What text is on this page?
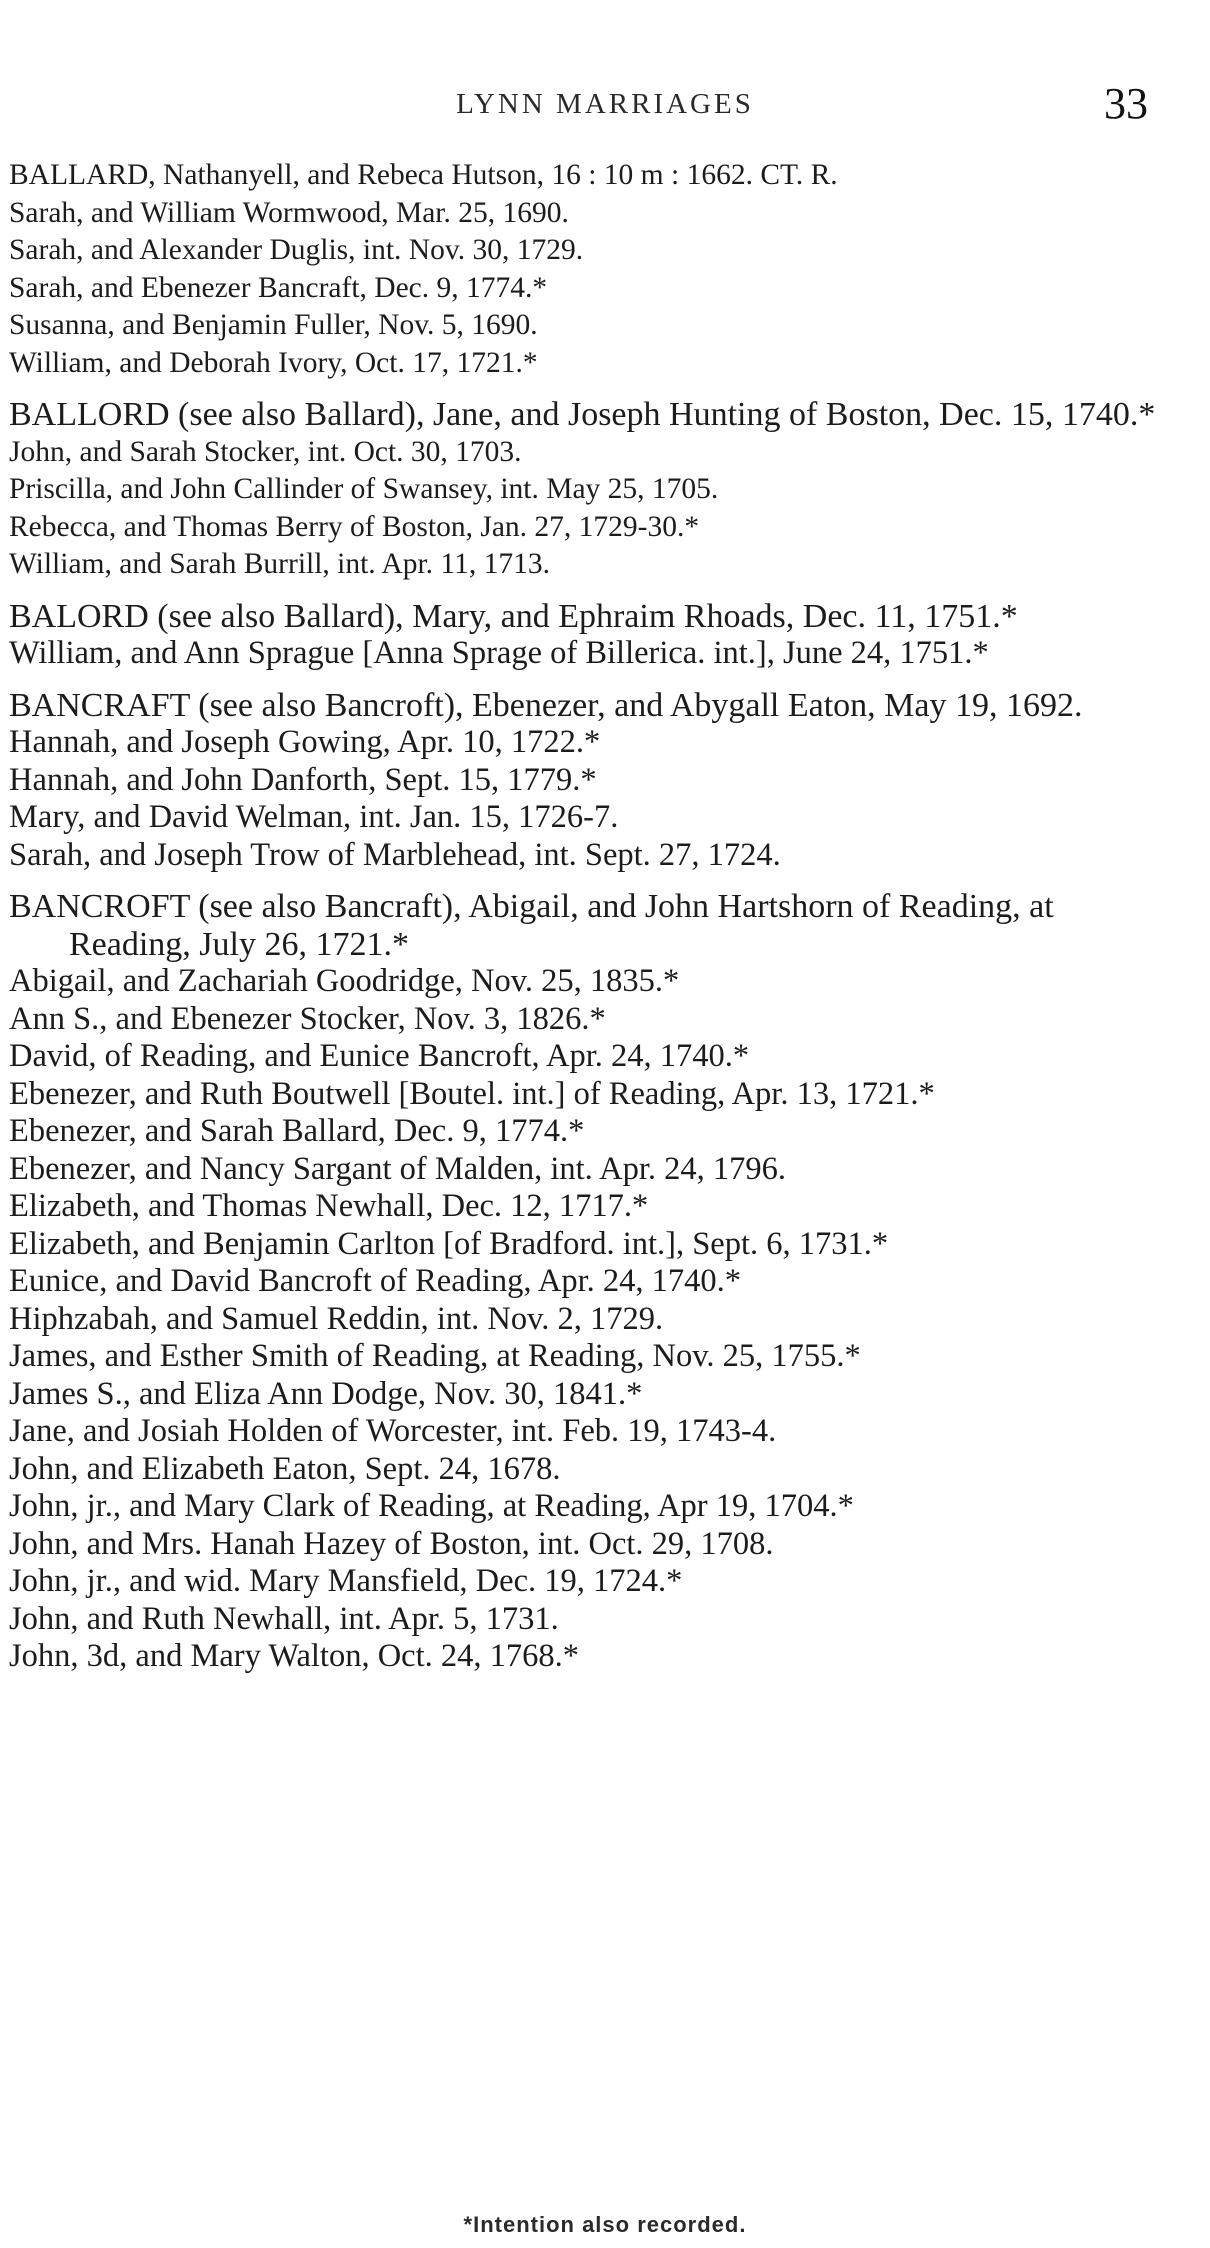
LYNN MARRIAGES	33
BALLARD, Nathanyell, and Rebeca Hutson, 16 : 10 m : 1662. CT. R.
Sarah, and William Wormwood, Mar. 25, 1690.
Sarah, and Alexander Duglis, int. Nov. 30, 1729.
Sarah, and Ebenezer Bancraft, Dec. 9, 1774.*
Susanna, and Benjamin Fuller, Nov. 5, 1690.
William, and Deborah Ivory, Oct. 17, 1721.*
BALLORD (see also Ballard), Jane, and Joseph Hunting of Boston, Dec. 15, 1740.*
John, and Sarah Stocker, int. Oct. 30, 1703.
Priscilla, and John Callinder of Swansey, int. May 25, 1705.
Rebecca, and Thomas Berry of Boston, Jan. 27, 1729-30.*
William, and Sarah Burrill, int. Apr. 11, 1713.
BALORD (see also Ballard), Mary, and Ephraim Rhoads, Dec. 11, 1751.*
William, and Ann Sprague [Anna Sprage of Billerica. int.], June 24, 1751.*
BANCRAFT (see also Bancroft), Ebenezer, and Abygall Eaton, May 19, 1692.
Hannah, and Joseph Gowing, Apr. 10, 1722.*
Hannah, and John Danforth, Sept. 15, 1779.*
Mary, and David Welman, int. Jan. 15, 1726-7.
Sarah, and Joseph Trow of Marblehead, int. Sept. 27, 1724.
BANCROFT (see also Bancraft), Abigail, and John Hartshorn of Reading, at Reading, July 26, 1721.*
Abigail, and Zachariah Goodridge, Nov. 25, 1835.*
Ann S., and Ebenezer Stocker, Nov. 3, 1826.*
David, of Reading, and Eunice Bancroft, Apr. 24, 1740.*
Ebenezer, and Ruth Boutwell [Boutel. int.] of Reading, Apr. 13, 1721.*
Ebenezer, and Sarah Ballard, Dec. 9, 1774.*
Ebenezer, and Nancy Sargant of Malden, int. Apr. 24, 1796.
Elizabeth, and Thomas Newhall, Dec. 12, 1717.*
Elizabeth, and Benjamin Carlton [of Bradford. int.], Sept. 6, 1731.*
Eunice, and David Bancroft of Reading, Apr. 24, 1740.*
Hiphzabah, and Samuel Reddin, int. Nov. 2, 1729.
James, and Esther Smith of Reading, at Reading, Nov. 25, 1755.*
James S., and Eliza Ann Dodge, Nov. 30, 1841.*
Jane, and Josiah Holden of Worcester, int. Feb. 19, 1743-4.
John, and Elizabeth Eaton, Sept. 24, 1678.
John, jr., and Mary Clark of Reading, at Reading, Apr 19, 1704.*
John, and Mrs. Hanah Hazey of Boston, int. Oct. 29, 1708.
John, jr., and wid. Mary Mansfield, Dec. 19, 1724.*
John, and Ruth Newhall, int. Apr. 5, 1731.
John, 3d, and Mary Walton, Oct. 24, 1768.*
*Intention also recorded.
